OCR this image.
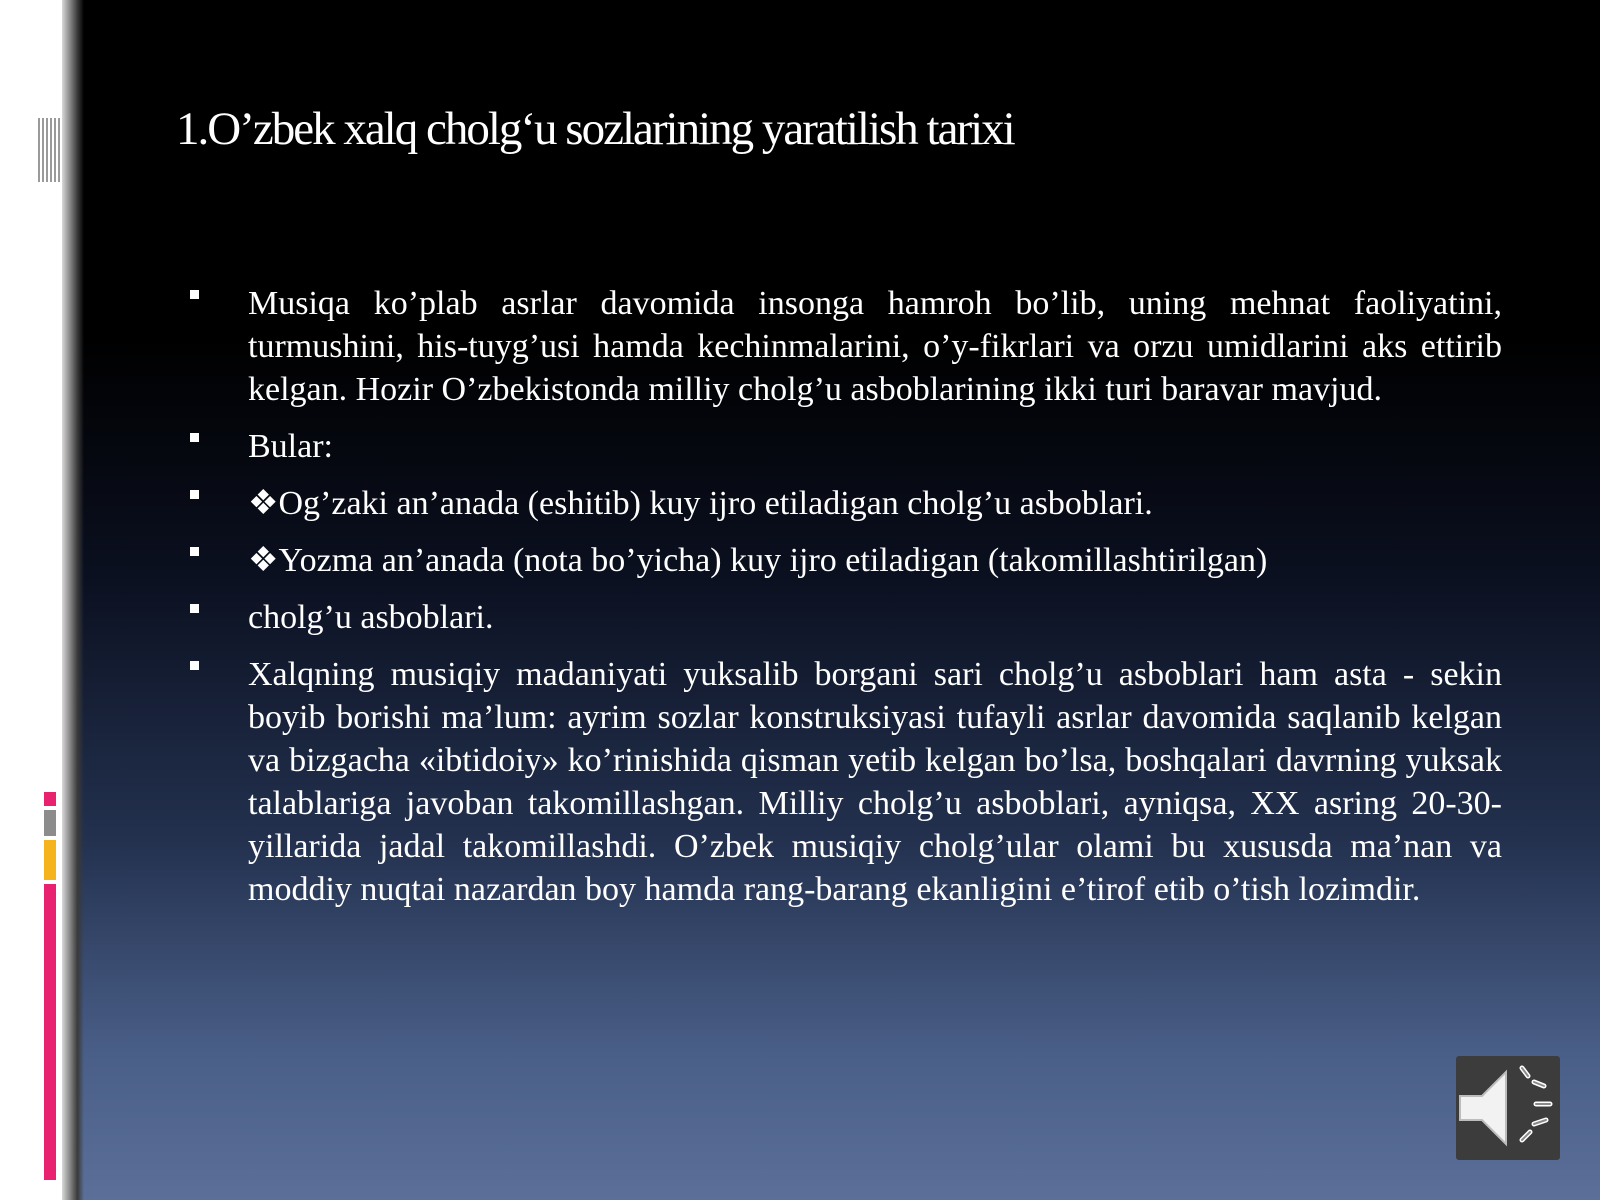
1.O’zbek xalq cholg‘u sozlarining yaratilish tarixi
Musiqa ko’plab asrlar davomida insonga hamroh bo’lib, uning mehnat faoliyatini, turmushini, his-tuyg’usi hamda kechinmalarini, o’y-fikrlari va orzu umidlarini aks ettirib kelgan. Hozir O’zbekistonda milliy cholg’u asboblarining ikki turi baravar mavjud.
Bular:
❖Og’zaki an’anada (eshitib) kuy ijro etiladigan cholg’u asboblari.
❖Yozma an’anada (nota bo’yicha) kuy ijro etiladigan (takomillashtirilgan)
cholg’u asboblari.
Xalqning musiqiy madaniyati yuksalib borgani sari cholg’u asboblari ham asta - sekin boyib borishi ma’lum: ayrim sozlar konstruksiyasi tufayli asrlar davomida saqlanib kelgan va bizgacha «ibtidoiy» ko’rinishida qisman yetib kelgan bo’lsa, boshqalari davrning yuksak talablariga javoban takomillashgan. Milliy cholg’u asboblari, ayniqsa, XX asring 20-30-yillarida jadal takomillashdi. O’zbek musiqiy cholg’ular olami bu xususda ma’nan va moddiy nuqtai nazardan boy hamda rang-barang ekanligini e’tirof etib o’tish lozimdir.
